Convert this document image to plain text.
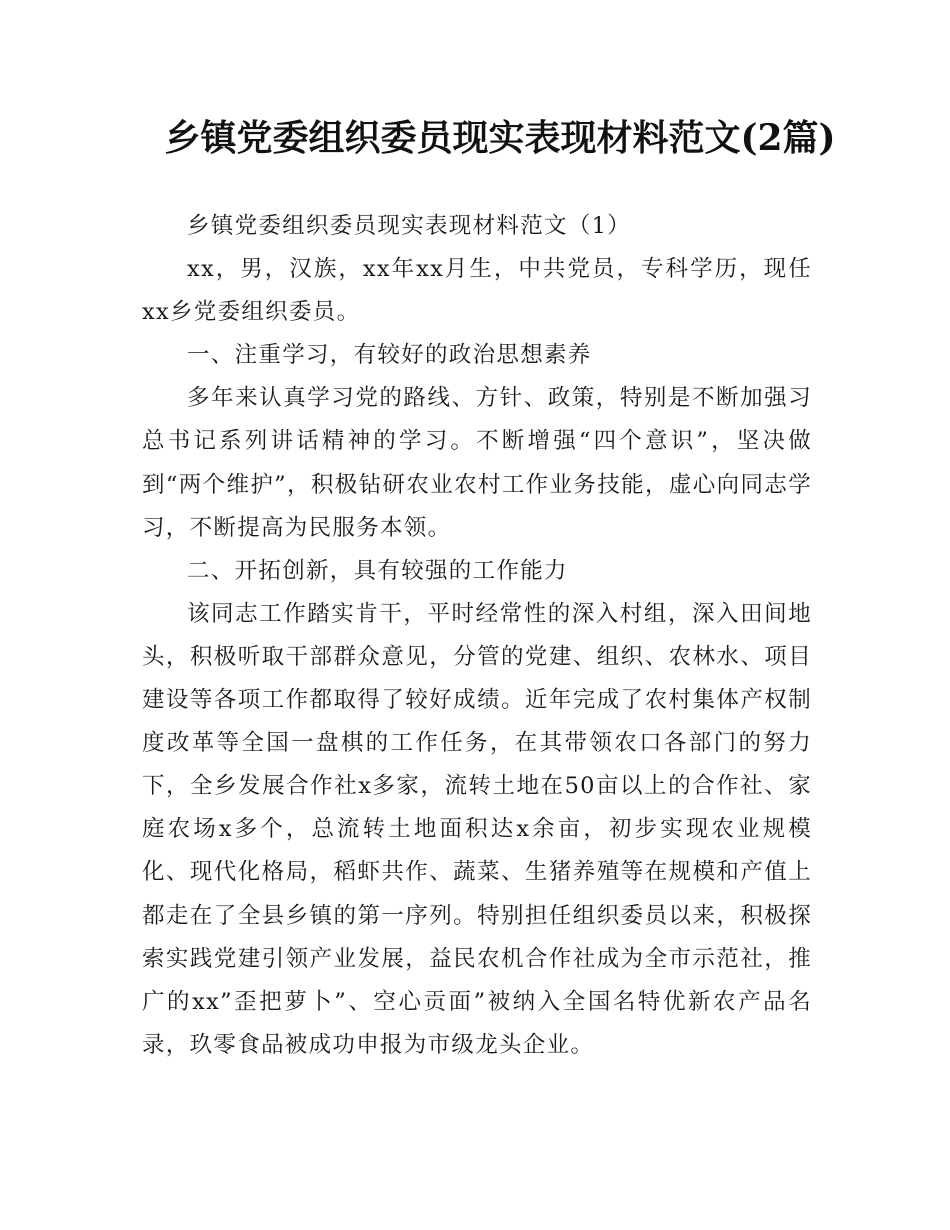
乡镇党委组织委员现实表现材料范文(2篇)

乡镇党委组织委员现实表现材料范文（1）

xx，男，汉族，xx年xx月生，中共党员，专科学历，现任xx乡党委组织委员。

一、注重学习，有较好的政治思想素养

多年来认真学习党的路线、方针、政策，特别是不断加强习总书记系列讲话精神的学习。不断增强“四个意识”，坚决做到“两个维护”，积极钻研农业农村工作业务技能，虚心向同志学习，不断提高为民服务本领。

二、开拓创新，具有较强的工作能力

该同志工作踏实肯干，平时经常性的深入村组，深入田间地头，积极听取干部群众意见，分管的党建、组织、农林水、项目建设等各项工作都取得了较好成绩。近年完成了农村集体产权制度改革等全国一盘棋的工作任务，在其带领农口各部门的努力下，全乡发展合作社x多家，流转土地在50亩以上的合作社、家庭农场x多个，总流转土地面积达x余亩，初步实现农业规模化、现代化格局，稻虾共作、蔬菜、生猪养殖等在规模和产值上都走在了全县乡镇的第一序列。特别担任组织委员以来，积极探索实践党建引领产业发展，益民农机合作社成为全市示范社，推广的xx”歪把萝卜”、空心贡面”被纳入全国名特优新农产品名录，玖零食品被成功申报为市级龙头企业。
